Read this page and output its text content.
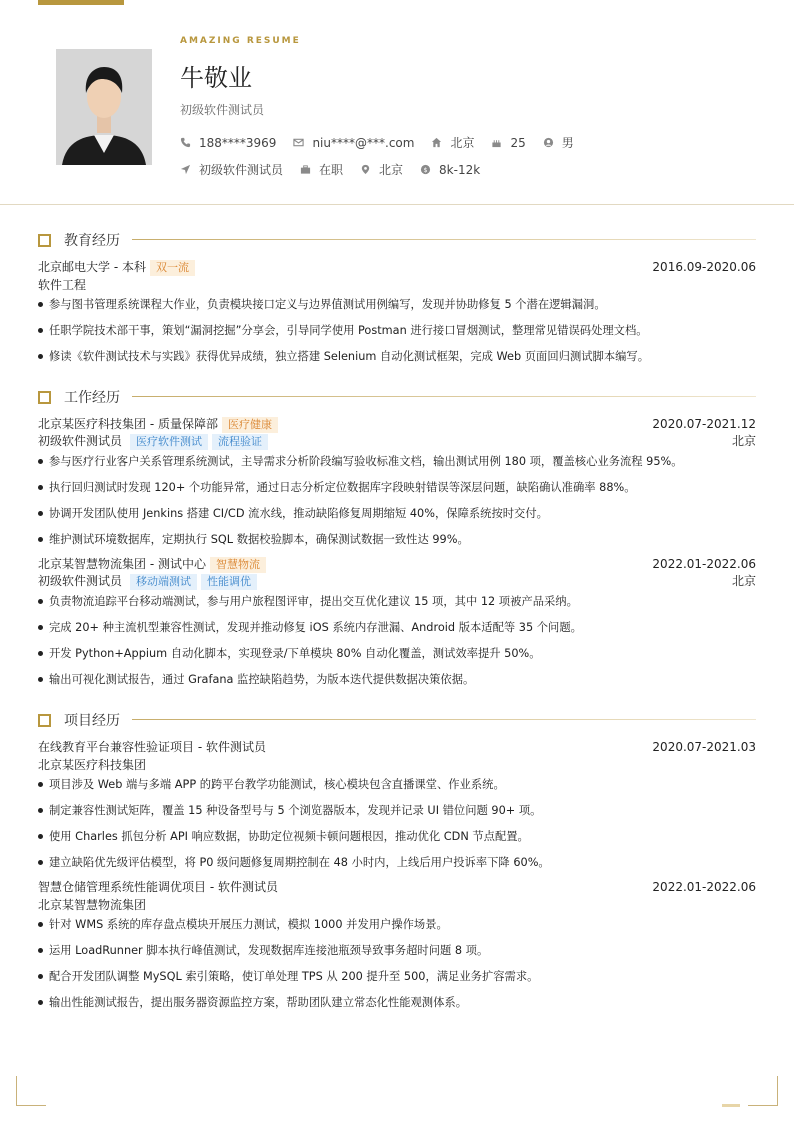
AMAZING RESUME
牛敬业
初级软件测试员
188****3969	niu****@***.com	北京	25	男
初级软件测试员	在职	北京	$ 8k-12k
教育经历
北京邮电大学 - 本科 双一流	2016.09-2020.06
软件工程
参与图书管理系统课程大作业，负责模块接口定义与边界值测试用例编写，发现并协助修复 5 个潜在逻辑漏洞。
任职学院技术部干事，策划“漏洞挖掘”分享会，引导同学使用 Postman 进行接口冒烟测试，整理常见错误码处理文档。
修读《软件测试技术与实践》获得优异成绩，独立搭建 Selenium 自动化测试框架，完成 Web 页面回归测试脚本编写。
工作经历
北京某医疗科技集团 - 质量保障部 医疗健康	2020.07-2021.12
初级软件测试员 医疗软件测试 流程验证	北京
参与医疗行业客户关系管理系统测试，主导需求分析阶段编写验收标准文档，输出测试用例 180 项，覆盖核心业务流程 95%。
执行回归测试时发现 120+ 个功能异常，通过日志分析定位数据库字段映射错误等深层问题，缺陷确认准确率 88%。
协调开发团队使用 Jenkins 搭建 CI/CD 流水线，推动缺陷修复周期缩短 40%，保障系统按时交付。
维护测试环境数据库，定期执行 SQL 数据校验脚本，确保测试数据一致性达 99%。
北京某智慧物流集团 - 测试中心 智慧物流	2022.01-2022.06
初级软件测试员 移动端测试 性能调优	北京
负责物流追踪平台移动端测试，参与用户旅程图评审，提出交互优化建议 15 项，其中 12 项被产品采纳。
完成 20+ 种主流机型兼容性测试，发现并推动修复 iOS 系统内存泄漏、Android 版本适配等 35 个问题。
开发 Python+Appium 自动化脚本，实现登录/下单模块 80% 自动化覆盖，测试效率提升 50%。
输出可视化测试报告，通过 Grafana 监控缺陷趋势，为版本迭代提供数据决策依据。
项目经历
在线教育平台兼容性验证项目 - 软件测试员	2020.07-2021.03
北京某医疗科技集团
项目涉及 Web 端与多端 APP 的跨平台教学功能测试，核心模块包含直播课堂、作业系统。
制定兼容性测试矩阵，覆盖 15 种设备型号与 5 个浏览器版本，发现并记录 UI 错位问题 90+ 项。
使用 Charles 抓包分析 API 响应数据，协助定位视频卡顿问题根因，推动优化 CDN 节点配置。
建立缺陷优先级评估模型，将 P0 级问题修复周期控制在 48 小时内，上线后用户投诉率下降 60%。
智慧仓储管理系统性能调优项目 - 软件测试员	2022.01-2022.06
北京某智慧物流集团
针对 WMS 系统的库存盘点模块开展压力测试，模拟 1000 并发用户操作场景。
运用 LoadRunner 脚本执行峰值测试，发现数据库连接池瓶颈导致事务超时问题 8 项。
配合开发团队调整 MySQL 索引策略，使订单处理 TPS 从 200 提升至 500，满足业务扩容需求。
输出性能测试报告，提出服务器资源监控方案，帮助团队建立常态化性能观测体系。
